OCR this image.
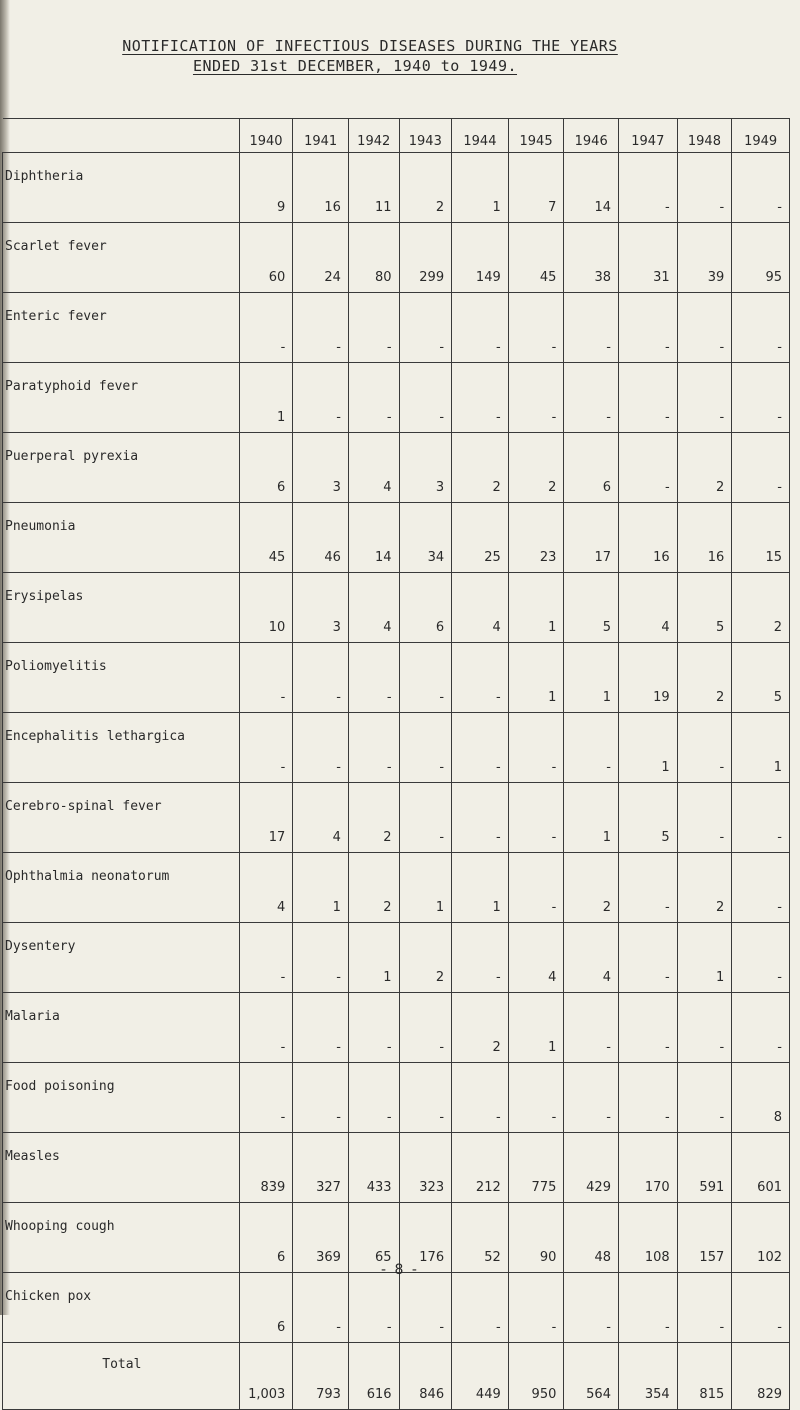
NOTIFICATION OF INFECTIOUS DISEASES DURING THE YEARS
ENDED 31st DECEMBER, 1940 to 1949.
	1940	1941	1942	1943	1944	1945	1946	1947	1948	1949
Diphtheria	9	16	11	2	1	7	14	-	-	-
Scarlet fever	60	24	80	299	149	45	38	31	39	95
Enteric fever	-	-	-	-	-	-	-	-	-	-
Paratyphoid fever	1	-	-	-	-	-	-	-	-	-
Puerperal pyrexia	6	3	4	3	2	2	6	-	2	-
Pneumonia	45	46	14	34	25	23	17	16	16	15
Erysipelas	10	3	4	6	4	1	5	4	5	2
Poliomyelitis	-	-	-	-	-	1	1	19	2	5
Encephalitis lethargica	-	-	-	-	-	-	-	1	-	1
Cerebro-spinal fever	17	4	2	-	-	-	1	5	-	-
Ophthalmia neonatorum	4	1	2	1	1	-	2	-	2	-
Dysentery	-	-	1	2	-	4	4	-	1	-
Malaria	-	-	-	-	2	1	-	-	-	-
Food poisoning	-	-	-	-	-	-	-	-	-	8
Measles	839	327	433	323	212	775	429	170	591	601
Whooping cough	6	369	65	176	52	90	48	108	157	102
Chicken pox	6	-	-	-	-	-	-	-	-	-
Total	1,003	793	616	846	449	950	564	354	815	829
- 8 -
